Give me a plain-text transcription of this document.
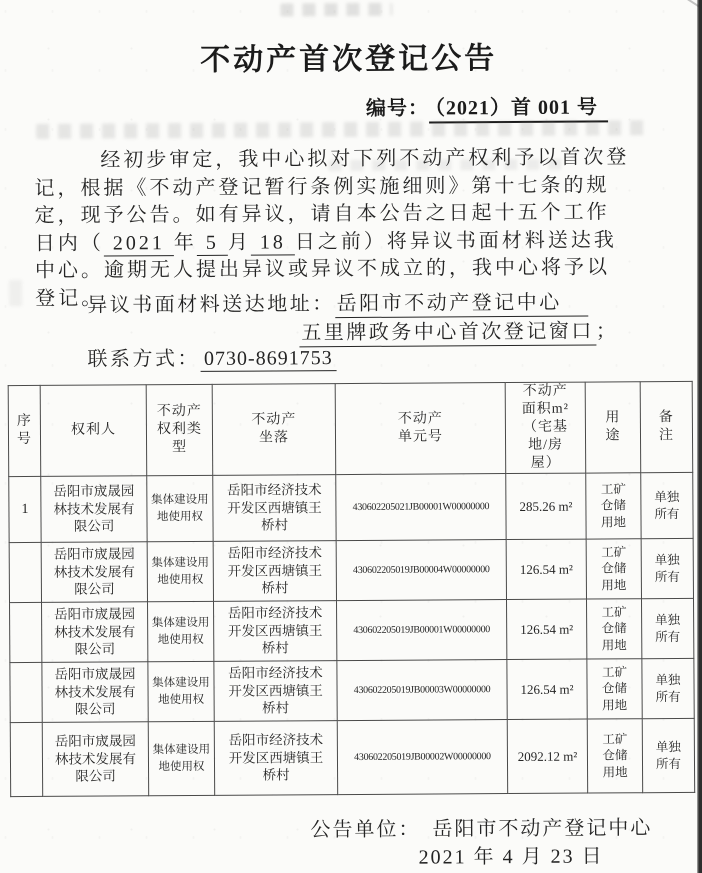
不动产首次登记公告
编号： （2021）首 001 号
经初步审定，我中心拟对下列不动产权利予以首次登
记，根据《不动产登记暂行条例实施细则》第十七条的规
定，现予公告。如有异议，请自本公告之日起十五个工作
日内（ 2021 年 5 月 18 日之前）将异议书面材料送达我
中心。逾期无人提出异议或异议不成立的，我中心将予以
登记。
异议书面材料送达地址：岳阳市不动产登记中心
五里牌政务中心首次登记窗口；
联系方式： 0730-8691753
序
号	权利人	不动产
权利类
型	不动产
坐落	不动产
单元号	不动产
面积m²
（宅基
地/房
屋）	用
途	备
注
1	岳阳市宬晟园
林技术发展有
限公司	集体建设用
地使用权	岳阳市经济技术
开发区西塘镇王
桥村	430602205021JB00001W00000000	285.26 m²	工矿
仓储
用地	单独
所有
	岳阳市宬晟园
林技术发展有
限公司	集体建设用
地使用权	岳阳市经济技术
开发区西塘镇王
桥村	430602205019JB00004W00000000	126.54 m²	工矿
仓储
用地	单独
所有
	岳阳市宬晟园
林技术发展有
限公司	集体建设用
地使用权	岳阳市经济技术
开发区西塘镇王
桥村	430602205019JB00001W00000000	126.54 m²	工矿
仓储
用地	单独
所有
	岳阳市宬晟园
林技术发展有
限公司	集体建设用
地使用权	岳阳市经济技术
开发区西塘镇王
桥村	430602205019JB00003W00000000	126.54 m²	工矿
仓储
用地	单独
所有
	岳阳市宬晟园
林技术发展有
限公司	集体建设用
地使用权	岳阳市经济技术
开发区西塘镇王
桥村	430602205019JB00002W00000000	2092.12 m²	工矿
仓储
用地	单独
所有
公告单位： 岳阳市不动产登记中心
2021 年 4 月 23 日
